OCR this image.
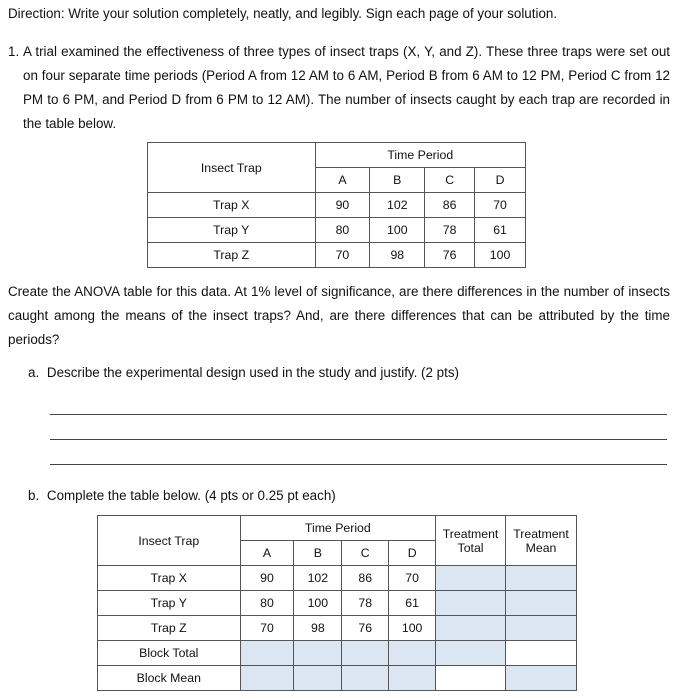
Direction: Write your solution completely, neatly, and legibly. Sign each page of your solution.
1. A trial examined the effectiveness of three types of insect traps (X, Y, and Z). These three traps were set out on four separate time periods (Period A from 12 AM to 6 AM, Period B from 6 AM to 12 PM, Period C from 12 PM to 6 PM, and Period D from 6 PM to 12 AM). The number of insects caught by each trap are recorded in the table below.
Insect Trap	Time Period			
	A	B	C	D
Trap X	90	102	86	70
Trap Y	80	100	78	61
Trap Z	70	98	76	100
Create the ANOVA table for this data. At 1% level of significance, are there differences in the number of insects caught among the means of the insect traps? And, are there differences that can be attributed by the time periods?
a. Describe the experimental design used in the study and justify. (2 pts)
b. Complete the table below. (4 pts or 0.25 pt each)
Insect Trap	Time Period				Treatment Total	Treatment Mean
	A	B	C	D		
Trap X	90	102	86	70		
Trap Y	80	100	78	61		
Trap Z	70	98	76	100		
Block Total						
Block Mean						
